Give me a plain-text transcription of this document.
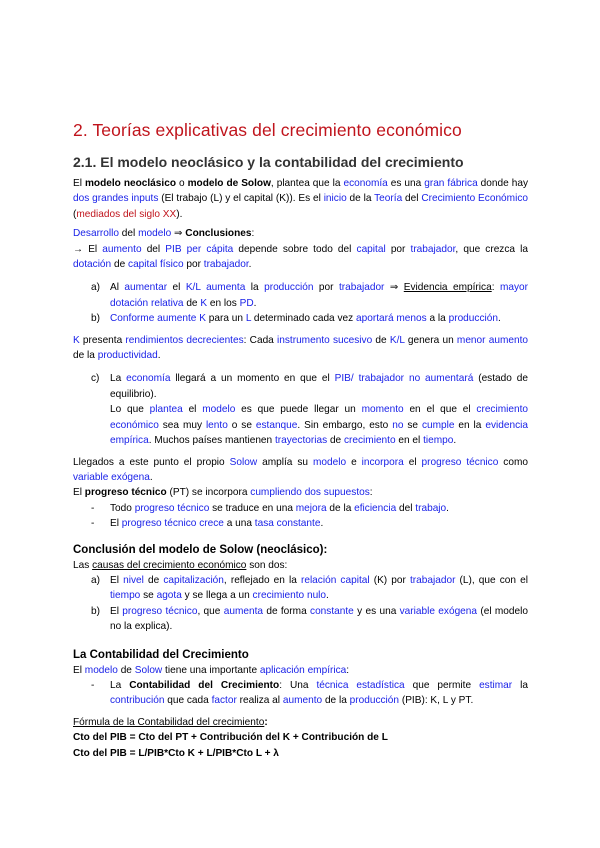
2. Teorías explicativas del crecimiento económico
2.1. El modelo neoclásico y la contabilidad del crecimiento

El modelo neoclásico o modelo de Solow, plantea que la economía es una gran fábrica donde hay dos grandes inputs (El trabajo (L) y el capital (K)). Es el inicio de la Teoría del Crecimiento Económico (mediados del siglo XX).

Desarrollo del modelo ⇒ Conclusiones:

→ El aumento del PIB per cápita depende sobre todo del capital por trabajador, que crezca la dotación de capital físico por trabajador.

a) Al aumentar el K/L aumenta la producción por trabajador ⇒ Evidencia empírica: mayor dotación relativa de K en los PD.
b) Conforme aumente K para un L determinado cada vez aportará menos a la producción.

K presenta rendimientos decrecientes: Cada instrumento sucesivo de K/L genera un menor aumento de la productividad.

c) La economía llegará a un momento en que el PIB/ trabajador no aumentará (estado de equilibrio).
Lo que plantea el modelo es que puede llegar un momento en el que el crecimiento económico sea muy lento o se estanque. Sin embargo, esto no se cumple en la evidencia empírica. Muchos países mantienen trayectorias de crecimiento en el tiempo.

Llegados a este punto el propio Solow amplía su modelo e incorpora el progreso técnico como variable exógena.

El progreso técnico (PT) se incorpora cumpliendo dos supuestos:

- Todo progreso técnico se traduce en una mejora de la eficiencia del trabajo.
- El progreso técnico crece a una tasa constante.
Conclusión del modelo de Solow (neoclásico):

Las causas del crecimiento económico son dos:

a) El nivel de capitalización, reflejado en la relación capital (K) por trabajador (L), que con el tiempo se agota y se llega a un crecimiento nulo.
b) El progreso técnico, que aumenta de forma constante y es una variable exógena (el modelo no la explica).
La Contabilidad del Crecimiento

El modelo de Solow tiene una importante aplicación empírica:

- La Contabilidad del Crecimiento: Una técnica estadística que permite estimar la contribución que cada factor realiza al aumento de la producción (PIB): K, L y PT.

Fórmula de la Contabilidad del crecimiento:

Cto del PIB = Cto del PT + Contribución del K + Contribución de L

Cto del PIB = L/PIB*Cto K + L/PIB*Cto L + λ
